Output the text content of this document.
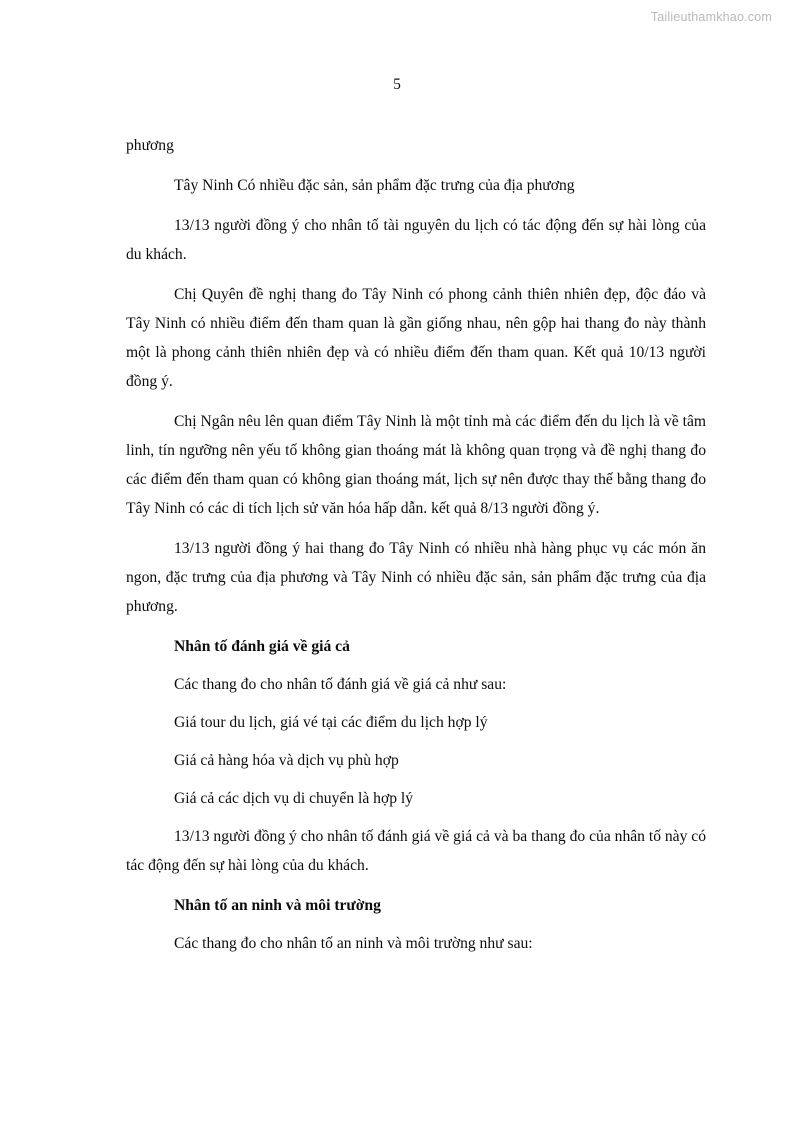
Tailieuthamkhao.com
5

phương

Tây Ninh Có nhiều đặc sản, sản phẩm đặc trưng của địa phương

13/13 người đồng ý cho nhân tố tài nguyên du lịch có tác động đến sự hài lòng của du khách.

Chị Quyên đề nghị thang đo Tây Ninh có phong cảnh thiên nhiên đẹp, độc đáo và Tây Ninh có nhiều điểm đến tham quan là gần giống nhau, nên gộp hai thang đo này thành một là phong cảnh thiên nhiên đẹp và có nhiều điểm đến tham quan. Kết quả 10/13 người đồng ý.

Chị Ngân nêu lên quan điểm Tây Ninh là một tỉnh mà các điểm đến du lịch là về tâm linh, tín ngưỡng nên yếu tố không gian thoáng mát là không quan trọng và đề nghị thang đo các điểm đến tham quan có không gian thoáng mát, lịch sự nên được thay thế bằng thang đo Tây Ninh có các di tích lịch sử văn hóa hấp dẫn. kết quả 8/13 người đồng ý.

13/13 người đồng ý hai thang đo Tây Ninh có nhiều nhà hàng phục vụ các món ăn ngon, đặc trưng của địa phương và Tây Ninh có nhiều đặc sản, sản phẩm đặc trưng của địa phương.

Nhân tố đánh giá về giá cả

Các thang đo cho nhân tố đánh giá về giá cả như sau:

Giá tour du lịch, giá vé tại các điểm du lịch hợp lý

Giá cả hàng hóa và dịch vụ phù hợp

Giá cả các dịch vụ di chuyển là hợp lý

13/13 người đồng ý cho nhân tố đánh giá về giá cả và ba thang đo của nhân tố này có tác động đến sự hài lòng của du khách.

Nhân tố an ninh và môi trường

Các thang đo cho nhân tố an ninh và môi trường như sau:
